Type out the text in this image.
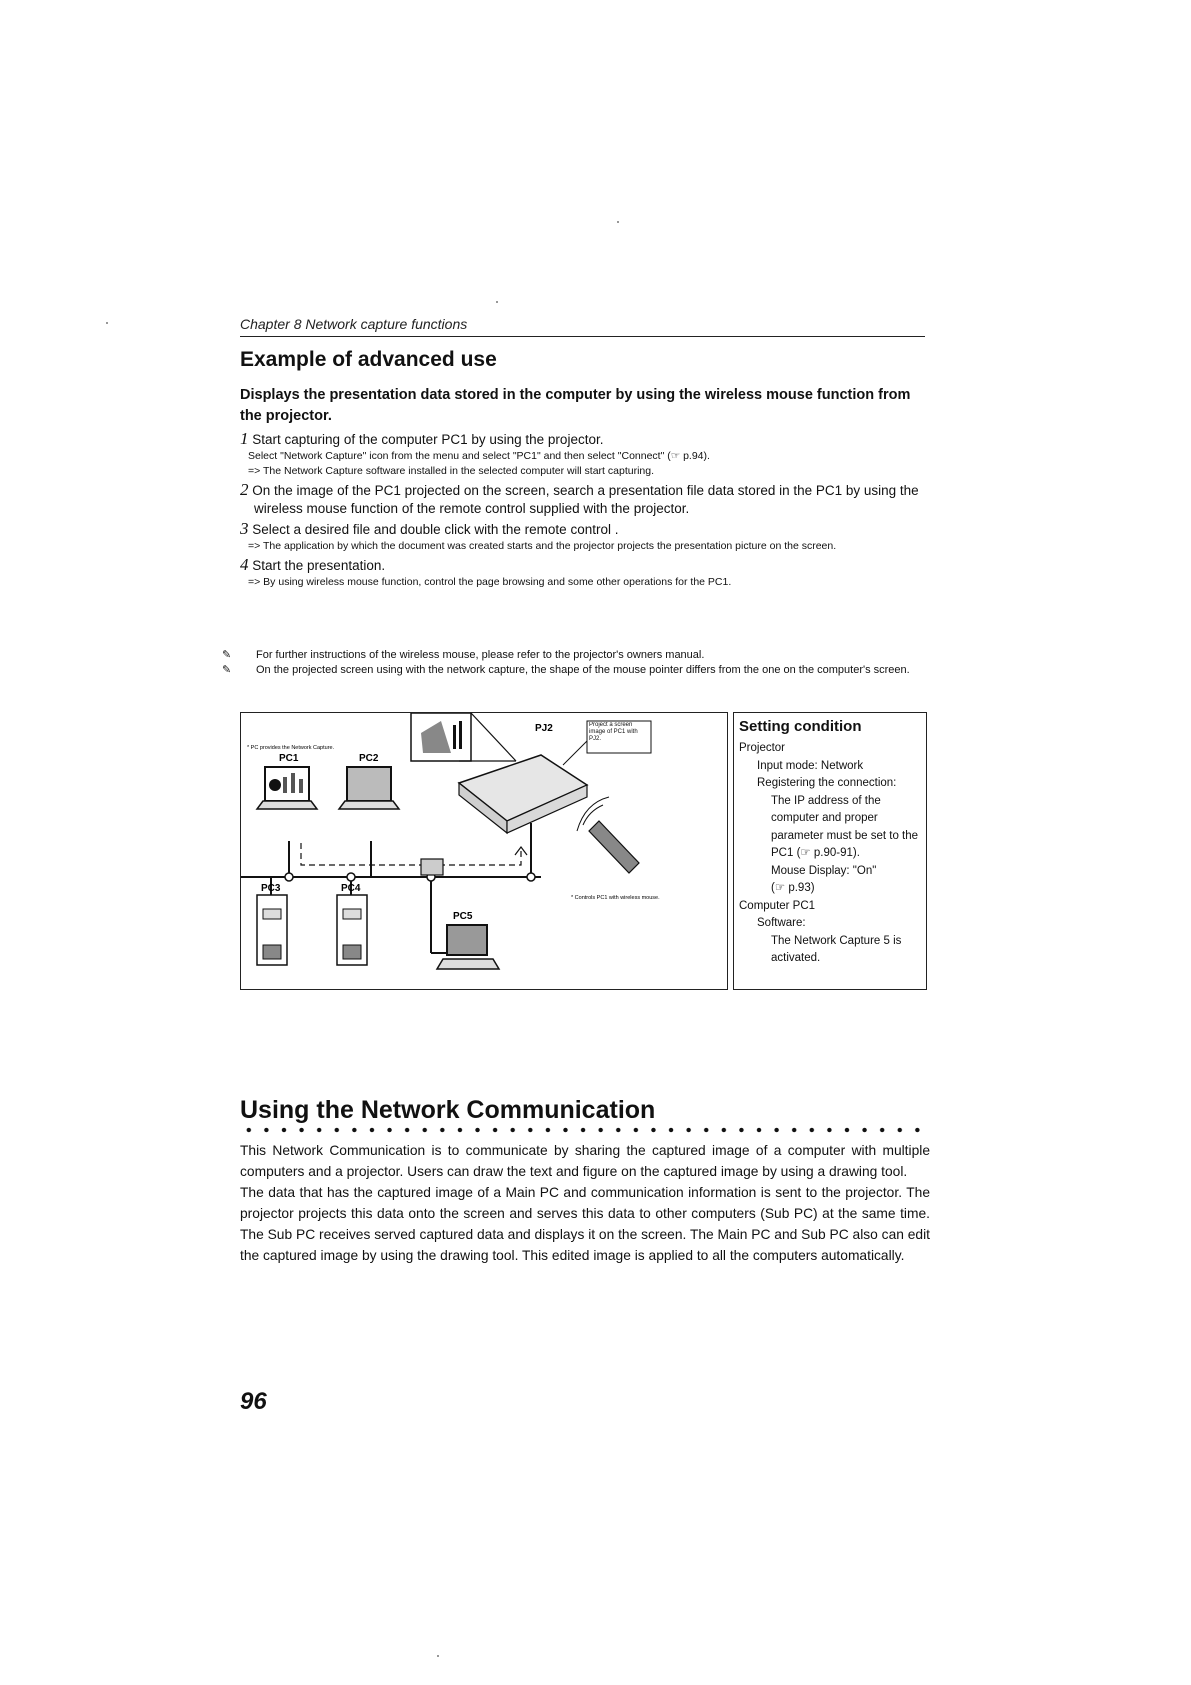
Chapter 8 Network capture functions
Example of advanced use
Displays the presentation data stored in the computer by using the wireless mouse function from the projector.
1 Start capturing of the computer PC1 by using the projector.
Select "Network Capture" icon from the menu and select "PC1" and then select "Connect" (☞ p.94).
=> The Network Capture software installed in the selected computer will start capturing.
2 On the image of the PC1 projected on the screen, search a presentation file data stored in the PC1 by using the wireless mouse function of the remote control supplied with the projector.
3 Select a desired file and double click with the remote control .
=> The application by which the document was created starts and the projector projects the presentation picture on the screen.
4 Start the presentation.
=> By using wireless mouse function, control the page browsing and some other operations for the PC1.
✎ For further instructions of the wireless mouse, please refer to the projector's owners manual.
✎ On the projected screen using with the network capture, the shape of the mouse pointer differs from the one on the computer's screen.
PJ2	Project a screen image of PC1 with PJ2.
* PC provides the Network Capture.
PC1	PC2
PC3	PC4
PC5
* Controls PC1 with wireless mouse.
Setting condition
Projector
Input mode: Network
Registering the connection:
The IP address of the computer and proper parameter must be set to the PC1 (☞ p.90-91).
Mouse Display: "On"
(☞ p.93)
Computer PC1
Software:
The Network Capture 5 is activated.
Using the Network Communication

This Network Communication is to communicate by sharing the captured image of a computer with multiple computers and a projector. Users can draw the text and figure on the captured image by using a drawing tool.

The data that has the captured image of a Main PC and communication information is sent to the projector. The projector projects this data onto the screen and serves this data to other computers (Sub PC) at the same time. The Sub PC receives served captured data and displays it on the screen. The Main PC and Sub PC also can edit the captured image by using the drawing tool. This edited image is applied to all the computers automatically.

96
